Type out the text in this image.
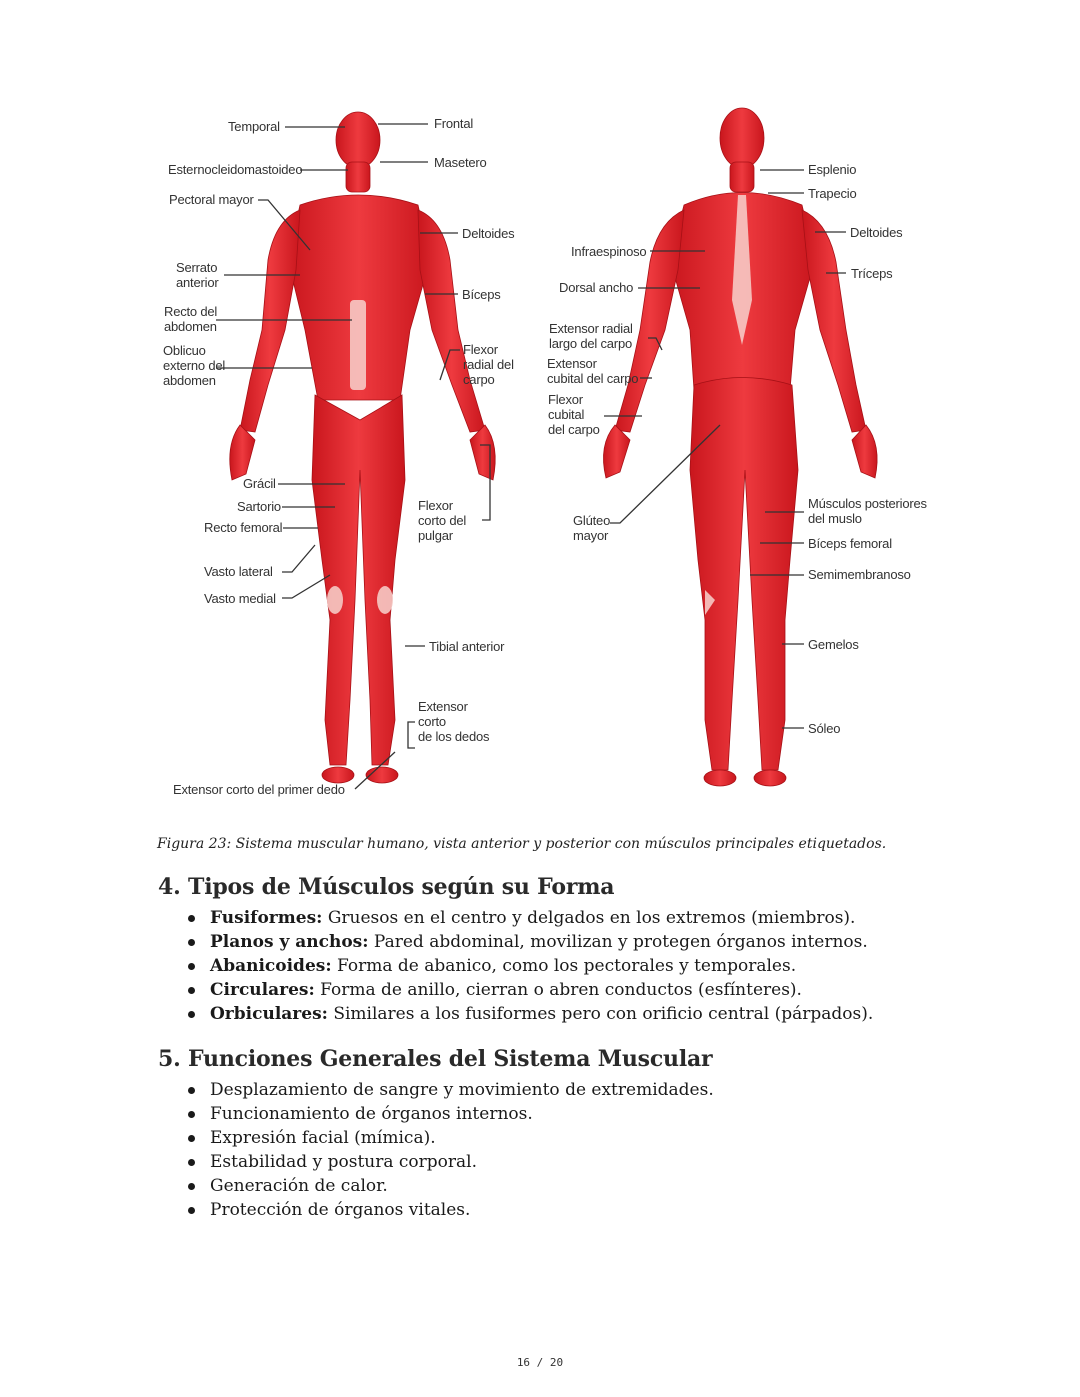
Temporal	Frontal
Esternocleidomastoideo	Masetero
Pectoral mayor
Deltoides
Serrato
anterior
Bíceps
Recto del
abdomen
Oblicuo
externo del
abdomen
Flexor
radial del
carpo
Grácil
Sartorio
Recto femoral
Flexor
corto del
pulgar
Vasto lateral
Vasto medial
Tibial anterior
Extensor
corto
de los dedos
Extensor corto del primer dedo
Esplenio
Trapecio
Deltoides
Infraespinoso
Tríceps
Dorsal ancho
Extensor radial
largo del carpo
Extensor
cubital del carpo
Flexor
cubital
del carpo
Músculos posteriores
del muslo
Glúteo
mayor
Bíceps femoral
Semimembranoso
Gemelos
Sóleo
Figura 23: Sistema muscular humano, vista anterior y posterior con músculos principales etiquetados.
4. Tipos de Músculos según su Forma
Fusiformes: Gruesos en el centro y delgados en los extremos (miembros).
Planos y anchos: Pared abdominal, movilizan y protegen órganos internos.
Abanicoides: Forma de abanico, como los pectorales y temporales.
Circulares: Forma de anillo, cierran o abren conductos (esfínteres).
Orbiculares: Similares a los fusiformes pero con orificio central (párpados).
5. Funciones Generales del Sistema Muscular
Desplazamiento de sangre y movimiento de extremidades.
Funcionamiento de órganos internos.
Expresión facial (mímica).
Estabilidad y postura corporal.
Generación de calor.
Protección de órganos vitales.
16 / 20
